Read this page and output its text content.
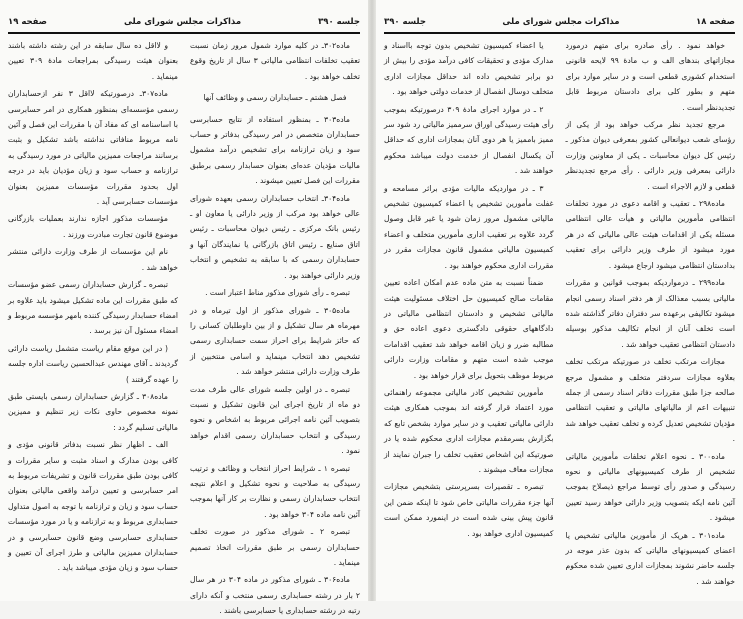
جلسه ۳۹۰
مذاکرات مجلس شورای ملی
صفحه ۱۹

ماده۳۰۲ـ در کلیه موارد شمول مرور زمان نسبت تعقیب تخلفات انتظامی مالیاتی ۳ سال از تاریخ وقوع تخلف خواهد بود .

فصل هشتم ـ حسابداران رسمی و وظائف آنها

ماده۳۰۳ ـ بمنظور استفاده از نتایج حسابرسی حسابداران متخصص در امر رسیدگی بدفاتر و حساب سود و زیان ترازنامه برای تشخیص درآمد مشمول مالیات مؤدیان عده‌ای بعنوان حسابدار رسمی برطبق مقررات این فصل تعیین میشوند .

ماده۳۰۴ـ انتخاب حسابداران رسمی بعهده شورای عالی خواهد بود مرکب از وزیر دارائی یا معاون او ـ رئیس بانک مرکزی ـ رئیس دیوان محاسبات ـ رئیس اتاق صنایع ـ رئیس اتاق بازرگانی یا نمایندگان آنها و حسابداران رسمی که با سابقه به تشخیص و انتخاب وزیر دارائی خواهند بود .

تبصره ـ رأی شورای مذکور مناط اعتبار است .

ماده۳۰۵ ـ شورای مذکور از اول تیرماه و در مهرماه هر سال تشکیل و از بین داوطلبان کسانی را که حائز شرایط برای احراز سمت حسابداری رسمی تشخیص دهد انتخاب مینماید و اسامی منتخبین از طرف وزارت دارائی منتشر خواهد شد .

تبصره ـ در اولین جلسه شورای عالی طرف مدت دو ماه از تاریخ اجرای این قانون تشکیل و نسبت بتصویب آئین نامه اجرائی مربوط به اشخاص و نحوه رسیدگی و انتخاب حسابداران رسمی اقدام خواهد نمود .

تبصره ۱ ـ شرایط احراز انتخاب و وظائف و ترتیب رسیدگی به صلاحیت و نحوه تشکیل و اعلام نتیجه انتخاب حسابداران رسمی و نظارت بر کار آنها بموجب آئین نامه ماده ۳۰۴ خواهد بود .

تبصره ۲ ـ شورای مذکور در صورت تخلف حسابداران رسمی بر طبق مقررات اتخاذ تصمیم مینماید .

ماده۳۰۶ ـ شورای مذکور در ماده ۳۰۴ در هر سال ۲ بار در رشته حسابداری رسمی منتخب و آنکه دارای رتبه در رشته حسابداری یا حسابرسی باشند .

و لااقل ده سال سابقه در این رشته داشته باشند بعنوان هیئت رسیدگی بمراجعات مادهٔ ۳۰۹ تعیین مینماید .

ماده۳۰۷ـ درصورتیکه لااقل ۳ نفر ازحسابداران رسمی مؤسسه‌ای بمنظور همکاری در امر حسابرسی با اساسنامه ای که مفاد آن با مقررات این فصل و آئین نامه مربوط منافاتی نداشته باشد تشکیل و بثبت برسانند مراجعات ممیزین مالیاتی در مورد رسیدگی به ترازنامه و حساب سود و زیان مؤدیان باید در درجه اول بحدود مقررات مؤسسات ممیزین بعنوان مؤسسات حسابرسی آید .

مؤسسات مذکور اجازه ندارند بعملیات بازرگانی موضوع قانون تجارت مبادرت ورزند .

نام این مؤسسات از طرف وزارت دارائی منتشر خواهد شد .

تبصره ـ گزارش حسابداران رسمی عضو مؤسسات که طبق مقررات این ماده تشکیل میشود باید علاوه بر امضاء حسابدار رسیدگی کننده بامهر مؤسسه مربوط و امضاء مسئول آن نیز برسد .

( در این موقع مقام ریاست متشمل ریاست دارائی گردیدند ـ آقای مهندس عبدالحسین ریاست اداره جلسه را عهده گرفتند )

ماده۳۰۸ ـ گزارش حسابداران رسمی بایستی طبق نمونه مخصوص حاوی نکات زیر تنظیم و ممیزین مالیاتی تسلیم گردد :

الف ـ اظهار نظر نسبت بدفاتر قانونی مؤدی و کافی بودن مدارک و اسناد مثبت و سایر مقررات و کافی بودن طبق مقررات قانون و تشریفات مربوط به امر حسابرسی و تعیین درآمد واقعی مالیاتی بعنوان حساب سود و زیان و ترازنامه با توجه به اصول متداول حسابداری مربوط و به ترازنامه و یا در مورد مؤسسات حسابداری حسابرسی وضع قانون حسابرسی و در حسابداران ممیزین مالیاتی و طرز اجرای آن تعیین و حساب سود و زیان مؤدی میباشد باید .

صفحه ۱۸
مذاکرات مجلس شورای ملی
جلسه ۳۹۰

خواهد نمود . رأی صادره برای متهم درمورد مجازاتهای بندهای الف و ب مادهٔ ۹۹ لایحه قانونی استخدام کشوری قطعی است و در سایر موارد برای متهم و بطور کلی برای دادستان مربوط قابل تجدیدنظر است .

مرجع تجدید نظر مرکب خواهد بود از یکی از رؤسای شعب دیوانعالی کشور بمعرفی دیوان مذکور ـ رئیس کل دیوان محاسبات ـ یکی از معاونین وزارت دارائی بمعرفی وزیر دارائی . رأی مرجع تجدیدنظر قطعی و لازم الاجراء است .

ماده۲۹۸ ـ تعقیب و اقامه دعوی در مورد تخلفات انتظامی مأمورین مالیاتی و هیأت عالی انتظامی مسئله یکی از اقدامات هیئت عالی مالیاتی که در هر مورد میشود از طرف وزیر دارائی برای تعقیب بدادستان انتظامی میشود ارجاع میشود .

ماده۲۹۹ ـ درمواردیکه بموجب قوانین و مقررات مالیاتی بسبب معذالک از هر دفتر اسناد رسمی انجام میشود تکالیفی برعهده سر دفتران دفاتر گذاشته شده است تخلف آنان از انجام تکالیف مذکور بوسیله دادستان انتظامی تعقیب خواهد شد .

مجازات مرتکب تخلف در صورتیکه مرتکب تخلف بعلاوه مجازات سردفتر متخلف و مشمول مرجع صالحه جزا طبق مقررات دفاتر اسناد رسمی از جمله تنبیهات اعم از مالیاتهای مالیاتی و تعقیب انتظامی مؤدیان تشخیص تعدیل کرده و تخلف تعقیب خواهد شد .

ماده۳۰۰ ـ نحوه اعلام تخلفات مأمورین مالیاتی تشخیص از طرف کمیسیونهای مالیاتی و نحوه رسیدگی و صدور رأی توسط مراجع ذیصلاح بموجب آئین نامه ایکه بتصویب وزیر دارائی خواهد رسید تعیین میشود .

ماده۳۰۱ ـ هریک از مأمورین مالیاتی تشخیص یا اعضای کمیسیونهای مالیاتی که بدون عذر موجه در جلسه حاضر نشوند بمجازات اداری تعیین شده محکوم خواهند شد .

یا اعضاء کمیسیون تشخیص بدون توجه بااسناد و مدارک مؤدی و تحقیقات کافی درآمد مؤدی را بیش از دو برابر تشخیص داده اند حداقل مجازات اداری متخلف دوسال انفصال از خدمات دولتی خواهد بود .

۲ ـ در موارد اجرای مادهٔ ۳۰۹ درصورتیکه بموجب رأی هیئت رسیدگی اوراق سرممیز مالیاتی رد شود سر ممیز باممیز یا هر دوی آنان بمجازات اداری که حداقل آن یکسال انفصال از خدمت دولت میباشد محکوم خواهند شد .

۳ ـ در مواردیکه مالیات مؤدی براثر مسامحه و غفلت مأمورین تشخیص یا اعضاء کمیسیون تشخیص مالیاتی مشمول مرور زمان شود یا غیر قابل وصول گردد علاوه بر تعقیب اداری مأمورین متخلف و اعضاء کمیسیون مالیاتی مشمول قانون مجازات مقرر در مقررات اداری محکوم خواهند بود .

ضمناً نسبت به متن ماده عدم امکان اعاده تعیین مقامات صالح کمیسیون حل اختلاف مسئولیت هیئت مالیاتی تشخیص و دادستان انتظامی مالیاتی در دادگاههای حقوقی دادگستری دعوی اعاده حق و مطالبه ضرر و زیان اقامه خواهد شد تعقیب اقدامات موجب شده است متهم و مقامات وزارت دارائی مربوط موظف بتحویل برای قرار خواهد بود .

مأمورین تشخیص کادر مالیاتی مجموعه راهنمائی مورد اعتماد قرار گرفته اند بموجب همکاری هیئت دارائی مالیاتی تعقیب و در سایر موارد بشخص تابع که بگزارش بسرمقدم مجازات اداری محکوم شده یا در صورتیکه این اشخاص تعقیب تخلف را جبران نمایند از مجازات معاف میشوند .

تبصره ـ تقصیرات بسرپرستی بتشخیص مجازات آنها جزء مقررات مالیاتی خاص شود تا اینکه ضمن این قانون پیش بینی شده است در اینمورد ممکن است کمیسیون اداری خواهد بود .
